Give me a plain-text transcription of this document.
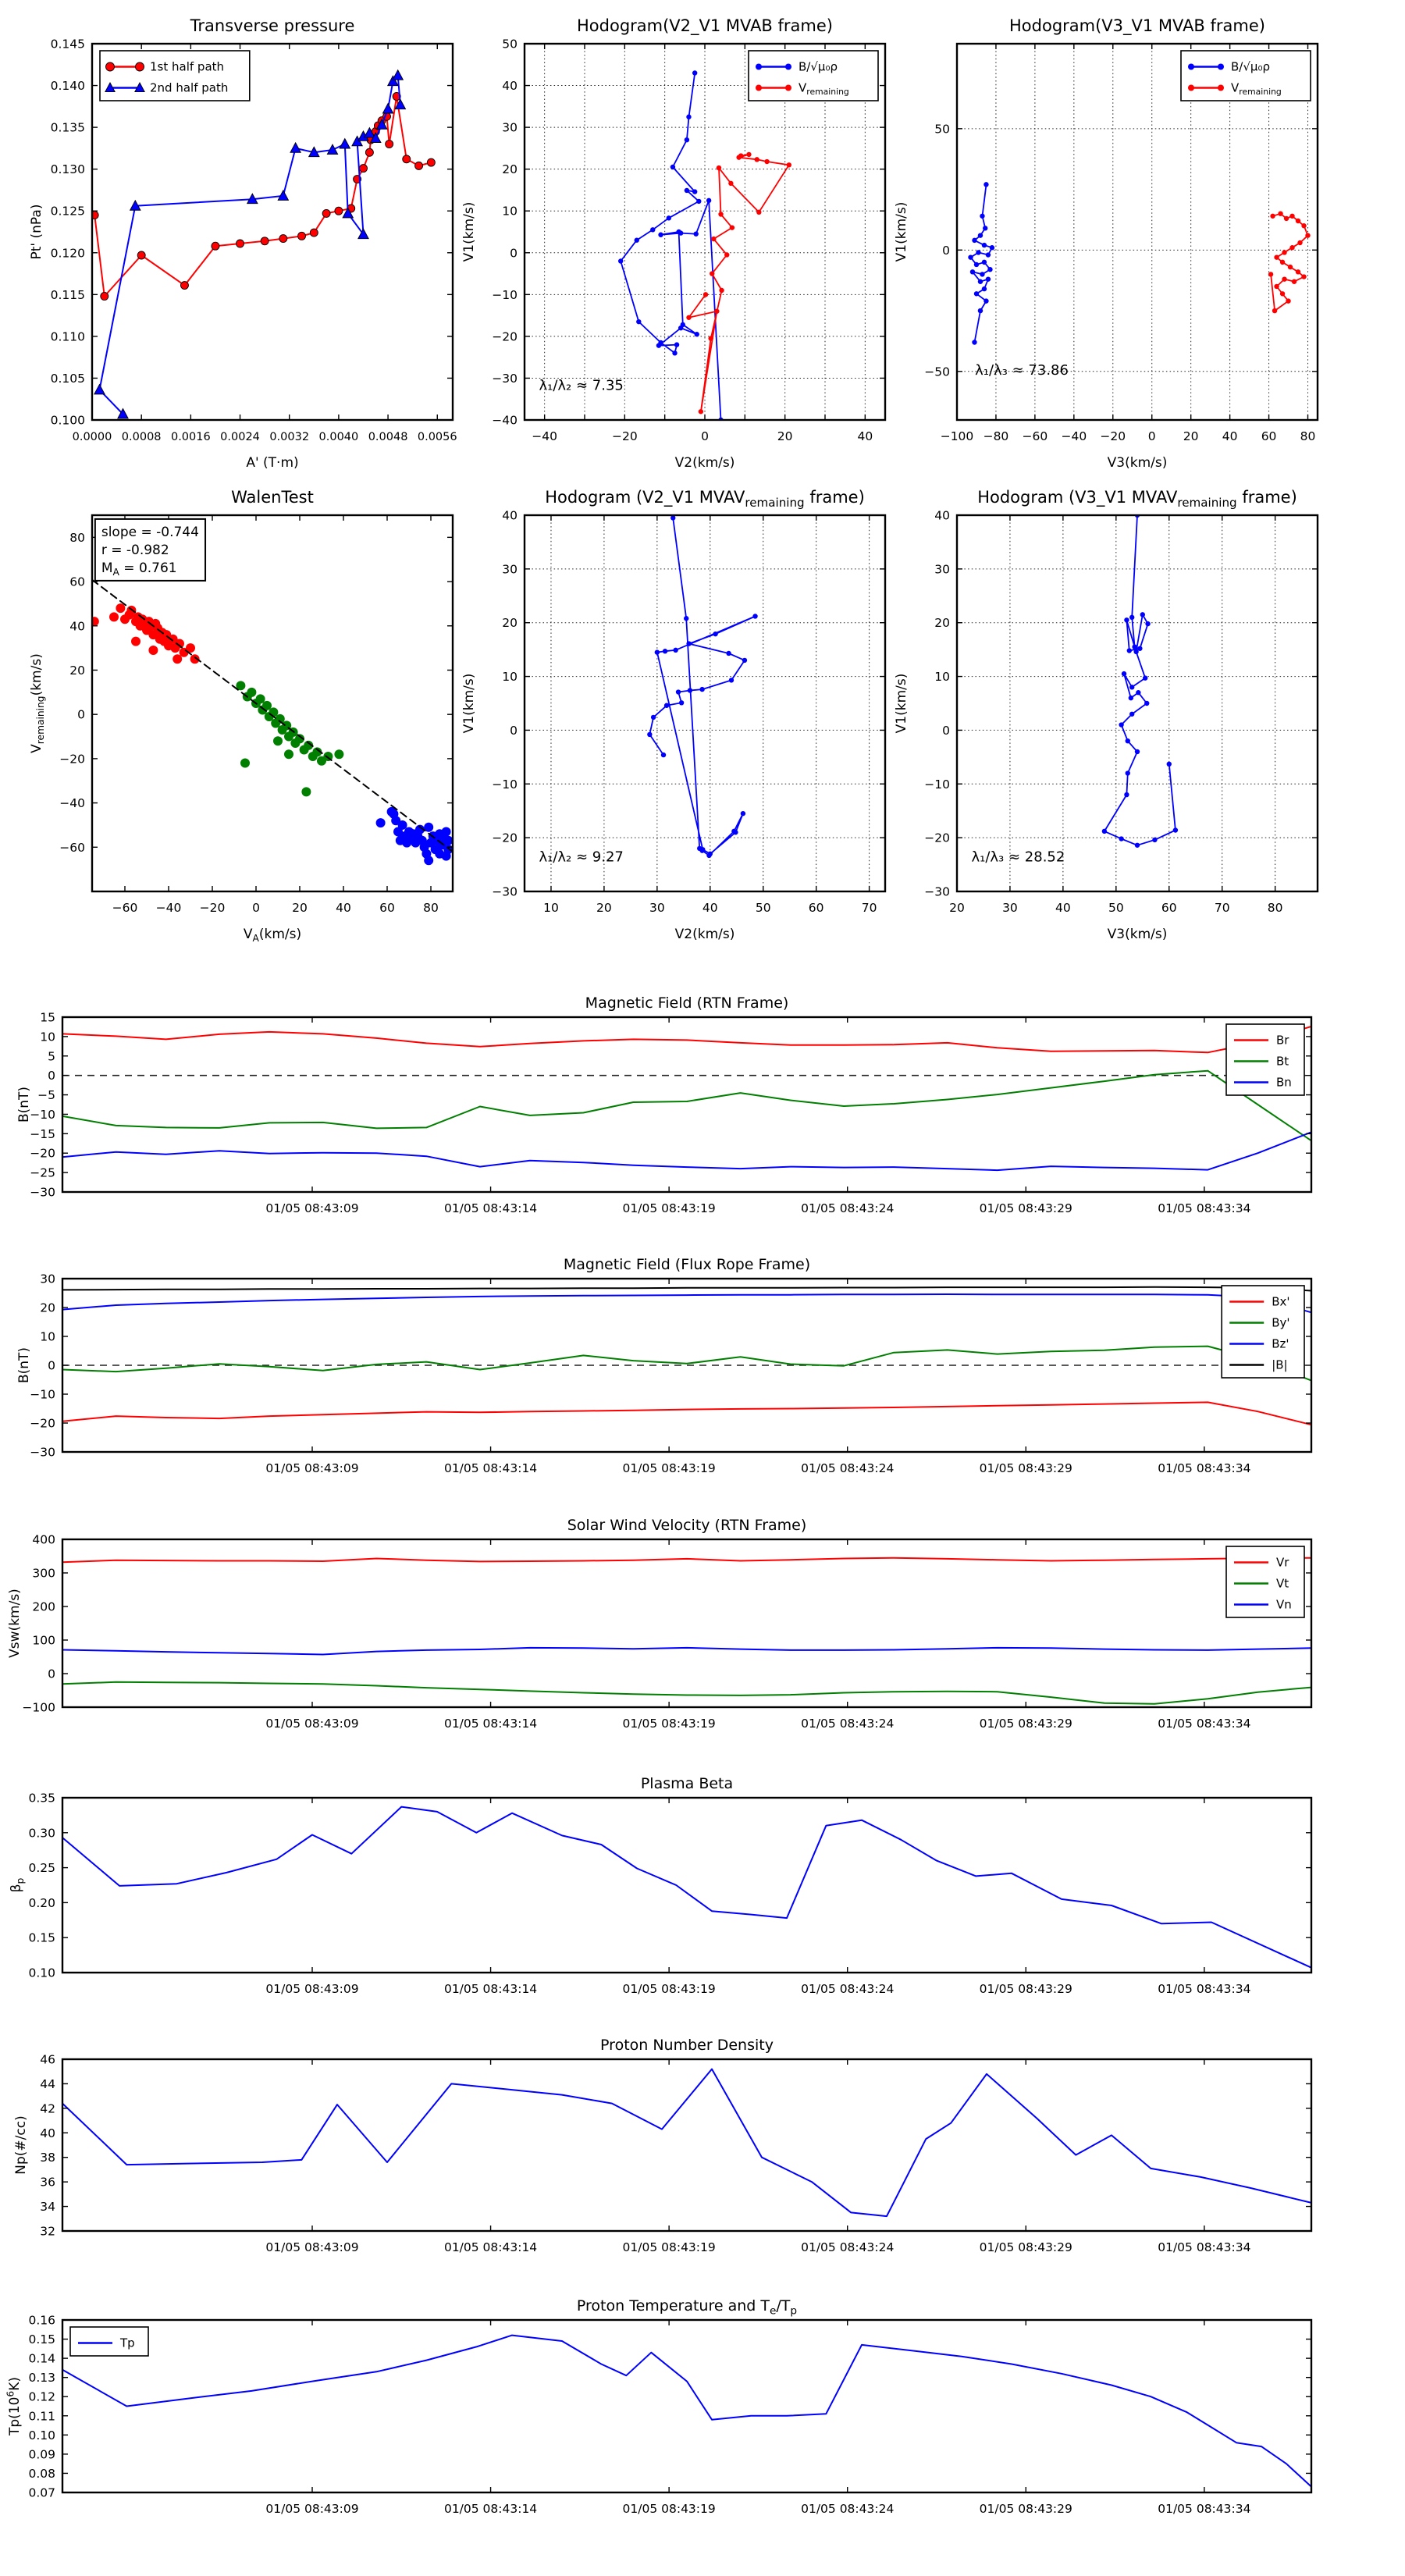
0.0000 0.0008 0.0016 0.0024 0.0032 0.0040 0.0048 0.0056
0.100
0.105
0.110
0.115
0.120
0.125
0.130
0.135
0.140
0.145
Transverse pressure
A' (T·m)
Pt' (nPa)
1st half path
2nd half path
−40	−20	0	20	40
−40
−30
−20
−10
0
10
20
30
40
50
Hodogram(V2_V1 MVAB frame)
V2(km/s)
V1(km/s)
B/√μ₀ρ
$V_{remaining}$
λ₁/λ₂ ≈ 7.35
−100 −80 −60 −40 −20 0 20 40 60 80
−50
0
50
Hodogram(V3_V1 MVAB frame)
V3(km/s)
V1(km/s)
B/√μ₀ρ
$V_{remaining}$
λ₁/λ₃ ≈ 73.86
−60 −40 −20 0	20 40 60 80
−60
−40
−20
0
20
40
60
80
WalenTest
$V_A(km/s)$
$V_{remaining}(km/s)$
slope = -0.744
r = -0.982
$M_A = 0.761$
10	20	30	40	50	60	70
−30
−20
−10
0
10
20
30
40
Hodogram (V2_V1 $MVAV_{remaining}$ frame)
V2(km/s)
V1(km/s)
λ₁/λ₂ ≈ 9.27
20	30	40	50	60	70	80
−30
−20
−10
0
10
20
30
40
Hodogram (V3_V1 $MVAV_{remaining}$ frame)
V3(km/s)
V1(km/s)
λ₁/λ₃ ≈ 28.52
01/05 08:43:09	01/05 08:43:14	01/05 08:43:19	01/05 08:43:24	01/05 08:43:29	01/05 08:43:34
−30
−25
−20
−15
−10
−5
0
5
10
15
Magnetic Field (RTN Frame)
B(nT)
Br
Bt
Bn
01/05 08:43:09	01/05 08:43:14	01/05 08:43:19	01/05 08:43:24	01/05 08:43:29	01/05 08:43:34
−30
−20
−10
0
10
20
30
Magnetic Field (Flux Rope Frame)
B(nT)
Bx'
By'
Bz'
|B|
01/05 08:43:09	01/05 08:43:14	01/05 08:43:19	01/05 08:43:24	01/05 08:43:29	01/05 08:43:34
−100
0
100
200
300
400
Solar Wind Velocity (RTN Frame)
Vsw(km/s)
Vr
Vt
Vn
01/05 08:43:09	01/05 08:43:14	01/05 08:43:19	01/05 08:43:24	01/05 08:43:29	01/05 08:43:34
0.10
0.15
0.20
0.25
0.30
0.35
Plasma Beta
$\beta_p$
01/05 08:43:09	01/05 08:43:14	01/05 08:43:19	01/05 08:43:24	01/05 08:43:29	01/05 08:43:34
32
34
36
38
40
42
44
46
Proton Number Density
Np(#/cc)
01/05 08:43:09	01/05 08:43:14	01/05 08:43:19	01/05 08:43:24	01/05 08:43:29	01/05 08:43:34
0.07
0.08
0.09
0.10
0.11
0.12
0.13
0.14
0.15
0.16
Proton Temperature and $T_e/T_p$
$Tp(10^6K)$
Tp
